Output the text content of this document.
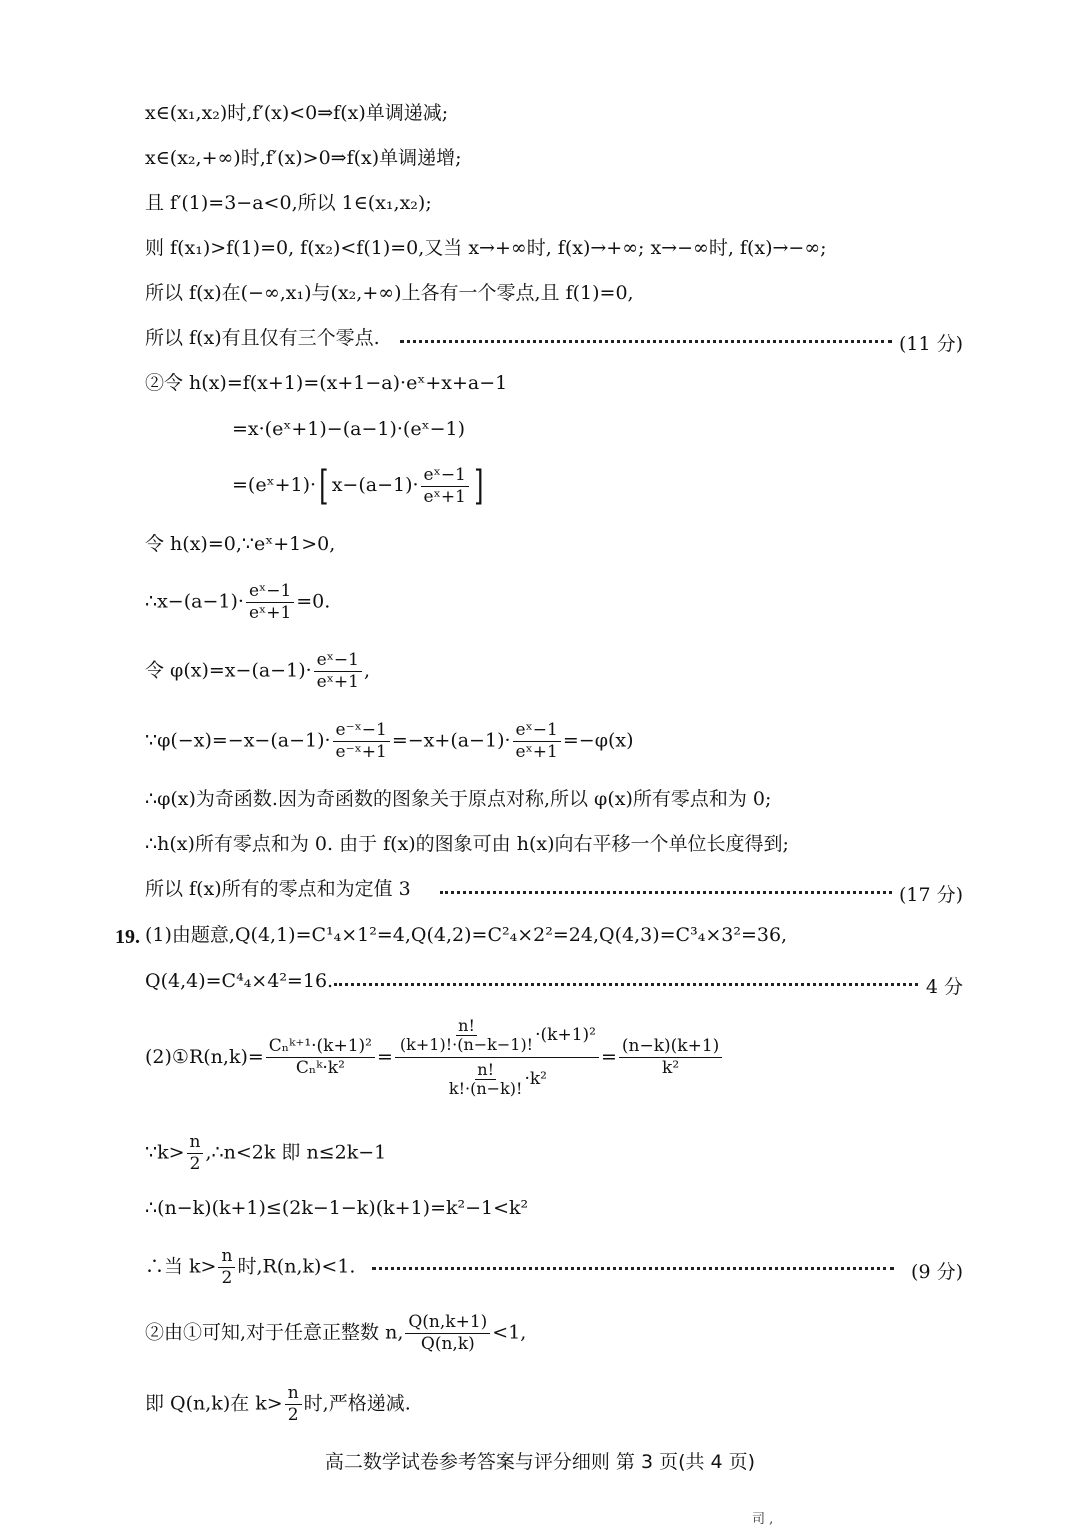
x∈(x₁,x₂)时,f′(x)<0⇒f(x)单调递减;
x∈(x₂,+∞)时,f′(x)>0⇒f(x)单调递增;
且 f′(1)=3−a<0,所以 1∈(x₁,x₂);
则 f(x₁)>f(1)=0, f(x₂)<f(1)=0,又当 x→+∞时, f(x)→+∞; x→−∞时, f(x)→−∞;
所以 f(x)在(−∞,x₁)与(x₂,+∞)上各有一个零点,且 f(1)=0,
所以 f(x)有且仅有三个零点.	(11 分)
②令 h(x)=f(x+1)=(x+1−a)·eˣ+x+a−1
=x·(eˣ+1)−(a−1)·(eˣ−1)
=(eˣ+1)·[ $x-(a-1)\cdot \frac{\text{eˣ−1}}{\text{eˣ+1}}$ ]
令 h(x)=0,∵eˣ+1>0,
∴x−(a−1)· $\frac{\text{eˣ−1}}{\text{eˣ+1}} =0$.
令 $\varphi(x)=x-(a-1)\cdot \frac{\text{eˣ−1}}{\text{eˣ+1}}$ ,
∵φ(−x)=−x−(a−1)· $\frac{\text{e⁻ˣ−1}}{\text{e⁻ˣ+1}} =-x+(a-1)\cdot \frac{\text{eˣ−1}}{\text{eˣ+1}} =-\varphi(x)$
∴φ(x)为奇函数.因为奇函数的图象关于原点对称,所以 φ(x)所有零点和为 0;
∴h(x)所有零点和为 0. 由于 f(x)的图象可由 h(x)向右平移一个单位长度得到;
所以 f(x)所有的零点和为定值 3	(17 分)
19. (1)由题意,Q(4,1)=C¹₄×1²=4,Q(4,2)=C²₄×2²=24,Q(4,3)=C³₄×3²=36,
Q(4,4)=C⁴₄×4²=16.	4 分
(2)①R(n,k)= $\frac{\text{Cₙᵏ⁺¹·(k+1)²}}{\text{Cₙᵏ·k²}} = \frac{\frac{n!}{(k+1)!\cdot(n-k-1)!} \cdot(k+1)^2}{\frac{n!}{k!\cdot(n-k)!} \cdot k^2} = \frac{(n-k)(k+1)}{\text{k²}}$
∵k> $\frac{n}{2}$ ,∴n<2k 即 n≤2k−1
∴(n−k)(k+1)≤(2k−1−k)(k+1)=k²−1<k²
∴当 $k> \frac{n}{2}$ 时,R(n,k)<1.	(9 分)
②由①可知,对于任意正整数 n, $\frac{Q(n,k+1)}{Q(n,k)} <1$,
即 Q(n,k)在 $k> \frac{n}{2}$ 时,严格递减.
高二数学试卷参考答案与评分细则 第 3 页(共 4 页)
司 ,
